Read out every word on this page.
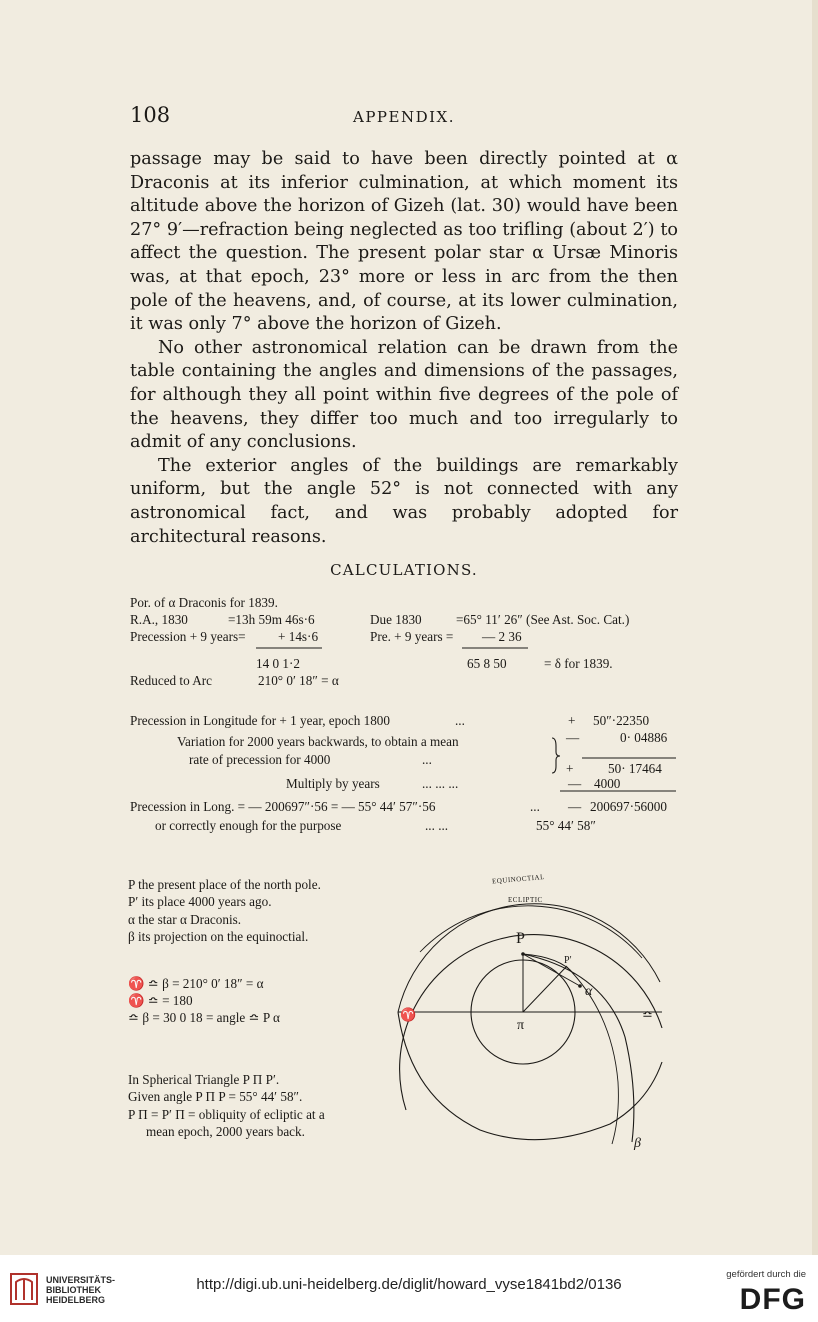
108	APPENDIX.

passage may be said to have been directly pointed at α Draconis at its inferior culmination, at which moment its altitude above the horizon of Gizeh (lat. 30) would have been 27° 9′—refraction being neglected as too trifling (about 2′) to affect the question. The present polar star α Ursæ Minoris was, at that epoch, 23° more or less in arc from the then pole of the heavens, and, of course, at its lower culmination, it was only 7° above the horizon of Gizeh.

No other astronomical relation can be drawn from the table containing the angles and dimensions of the passages, for although they all point within five degrees of the pole of the heavens, they differ too much and too irregularly to admit of any conclusions.

The exterior angles of the buildings are remarkably uniform, but the angle 52° is not connected with any astronomical fact, and was probably adopted for architectural reasons.

CALCULATIONS.
Por. of α Draconis for 1839.
R.A., 1830	=13h 59m 46s·6	Due 1830	=65° 11′ 26″ (See Ast. Soc. Cat.)
Precession + 9 years= + 14s·6	Pre. + 9 years = — 2 36
14 0 1·2	65 8 50	= δ for 1839.
Reduced to Arc	210° 0′ 18″ = α
Precession in Longitude for + 1 year, epoch 1800	...	+ 50″·22350
Variation for 2000 years backwards, to obtain a mean	—	0· 04886
rate of precession for 4000	...
+	50· 17464
Multiply by years	... ... ...	— 4000
Precession in Long. = — 200697″·56 = — 55° 44′ 57″·56	... — 200697·56000
or correctly enough for the purpose	... ...	55° 44′ 58″
P the present place of the north pole.
P′ its place 4000 years ago.
α the star α Draconis.
β its projection on the equinoctial.
♈ ≏ β = 210° 0′ 18″ = α
♈ ≏ = 180
≏ β = 30 0 18 = angle ≏ P α
In Spherical Triangle P Π P′.
Given angle P Π P = 55° 44′ 58″.
P Π = P′ Π = obliquity of ecliptic at a
mean epoch, 2000 years back.
EQUINOCTIAL
ECLIPTIC
P
P′
α
π
♈	≏
β
UNIVERSITÄTS-
BIBLIOTHEK
HEIDELBERG
http://digi.ub.uni-heidelberg.de/diglit/howard_vyse1841bd2/0136
gefördert durch die
DFG
